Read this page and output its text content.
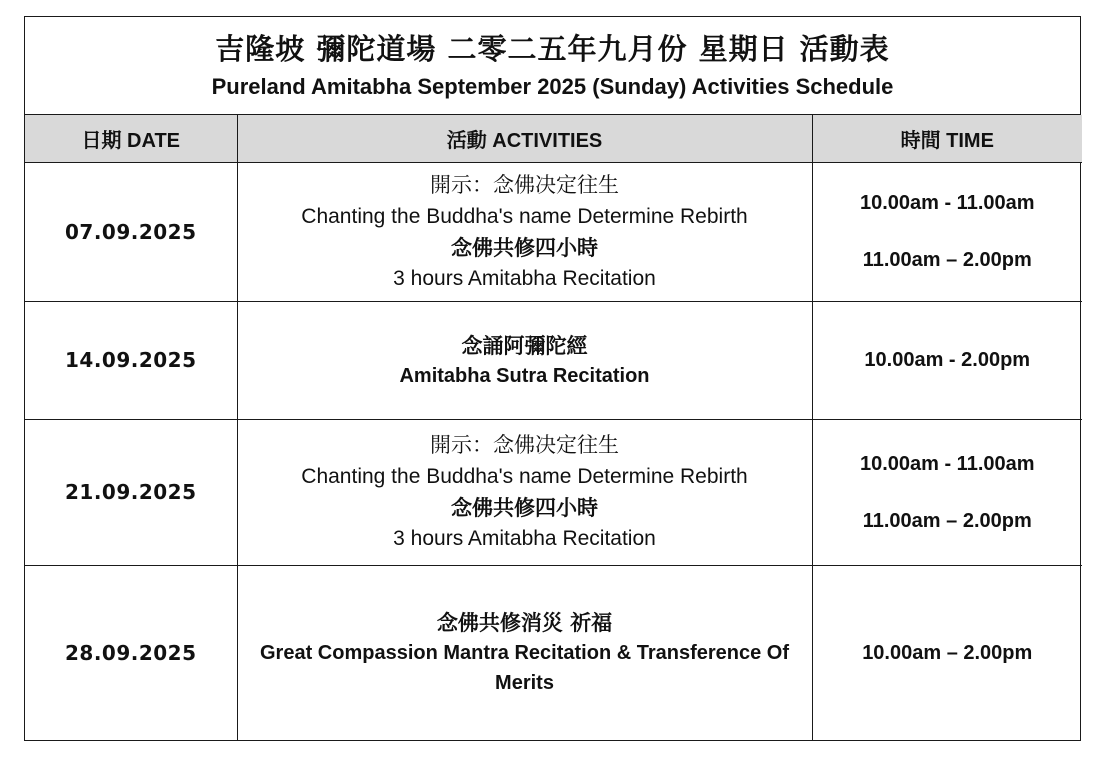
吉隆坡 彌陀道場 二零二五年九月份 星期日 活動表
Pureland Amitabha September 2025 (Sunday) Activities Schedule
日期 DATE	活動 ACTIVITIES	時間 TIME
07.09.2025	開示：念佛决定往生
Chanting the Buddha's name Determine Rebirth
念佛共修四小時
3 hours Amitabha Recitation	10.00am - 11.00am
11.00am – 2.00pm

14.09.2025	念誦阿彌陀經
Amitabha Sutra Recitation	10.00am - 2.00pm

21.09.2025	開示：念佛决定往生
Chanting the Buddha's name Determine Rebirth
念佛共修四小時
3 hours Amitabha Recitation	10.00am - 11.00am
11.00am – 2.00pm

28.09.2025	念佛共修消災 祈福
Great Compassion Mantra Recitation & Transference Of Merits	10.00am – 2.00pm
